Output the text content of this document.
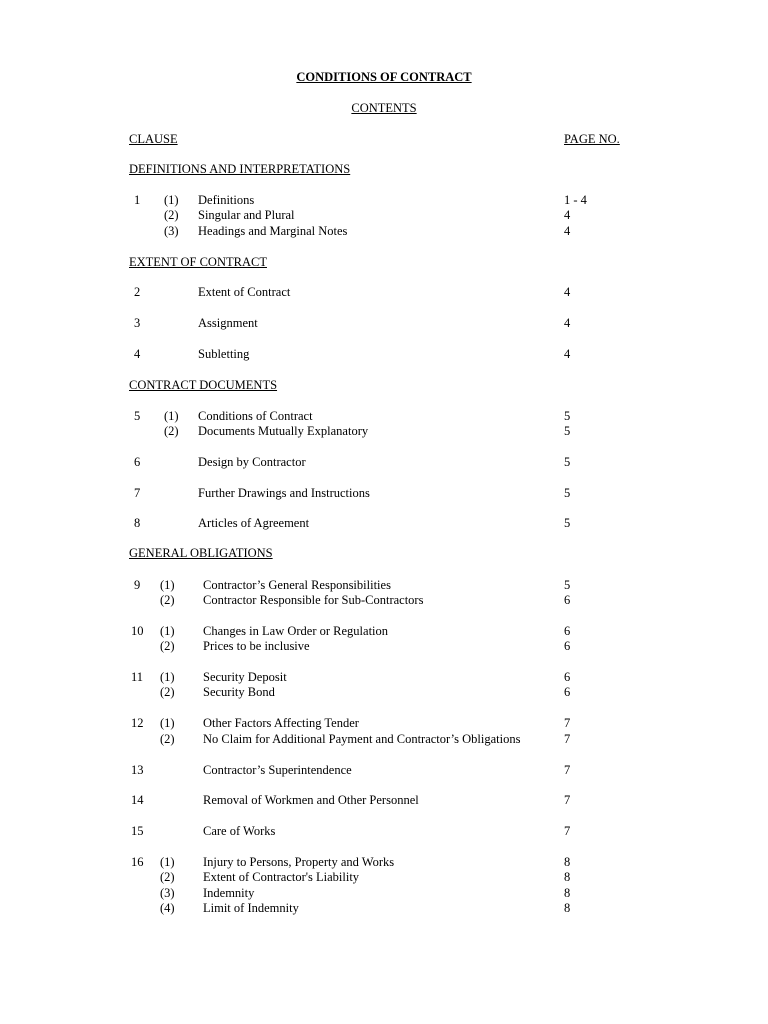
CONDITIONS OF CONTRACT
CONTENTS
CLAUSE	PAGE NO.
DEFINITIONS AND INTERPRETATIONS
1 (1) Definitions	1 - 4
(2) Singular and Plural	4
(3) Headings and Marginal Notes	4
EXTENT OF CONTRACT
2	Extent of Contract	4
3	Assignment	4
4	Subletting	4
CONTRACT DOCUMENTS
5 (1) Conditions of Contract	5
(2) Documents Mutually Explanatory	5
6	Design by Contractor	5
7	Further Drawings and Instructions	5
8	Articles of Agreement	5
GENERAL OBLIGATIONS
9 (1) Contractor’s General Responsibilities	5
(2) Contractor Responsible for Sub-Contractors	6
10 (1) Changes in Law Order or Regulation	6
(2) Prices to be inclusive	6
11 (1) Security Deposit	6
(2) Security Bond	6
12 (1) Other Factors Affecting Tender	7
(2) No Claim for Additional Payment and Contractor’s Obligations	7
13	Contractor’s Superintendence	7
14	Removal of Workmen and Other Personnel	7
15	Care of Works	7
16 (1) Injury to Persons, Property and Works	8
(2) Extent of Contractor's Liability	8
(3) Indemnity	8
(4) Limit of Indemnity	8
